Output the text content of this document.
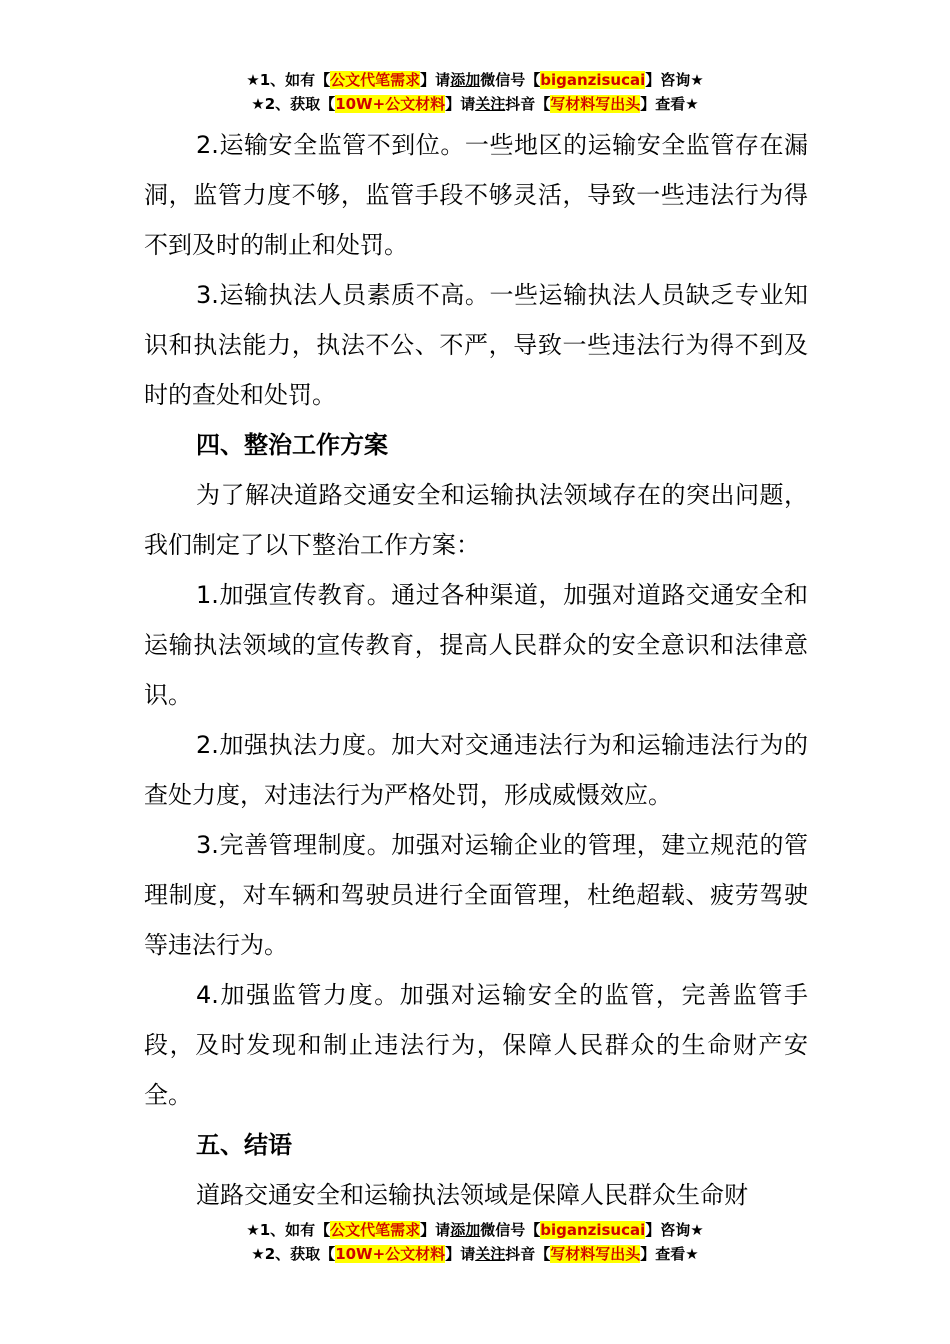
★1、如有【公文代笔需求】请添加微信号【biganzisucai】咨询★
★2、获取【10W+公文材料】请关注抖音【写材料写出头】查看★

2.运输安全监管不到位。一些地区的运输安全监管存在漏洞，监管力度不够，监管手段不够灵活，导致一些违法行为得不到及时的制止和处罚。

3.运输执法人员素质不高。一些运输执法人员缺乏专业知识和执法能力，执法不公、不严，导致一些违法行为得不到及时的查处和处罚。

四、整治工作方案

为了解决道路交通安全和运输执法领域存在的突出问题，我们制定了以下整治工作方案：

1.加强宣传教育。通过各种渠道，加强对道路交通安全和运输执法领域的宣传教育，提高人民群众的安全意识和法律意识。

2.加强执法力度。加大对交通违法行为和运输违法行为的查处力度，对违法行为严格处罚，形成威慑效应。

3.完善管理制度。加强对运输企业的管理，建立规范的管理制度，对车辆和驾驶员进行全面管理，杜绝超载、疲劳驾驶等违法行为。

4.加强监管力度。加强对运输安全的监管，完善监管手段，及时发现和制止违法行为，保障人民群众的生命财产安全。

五、结语

道路交通安全和运输执法领域是保障人民群众生命财

★1、如有【公文代笔需求】请添加微信号【biganzisucai】咨询★
★2、获取【10W+公文材料】请关注抖音【写材料写出头】查看★
